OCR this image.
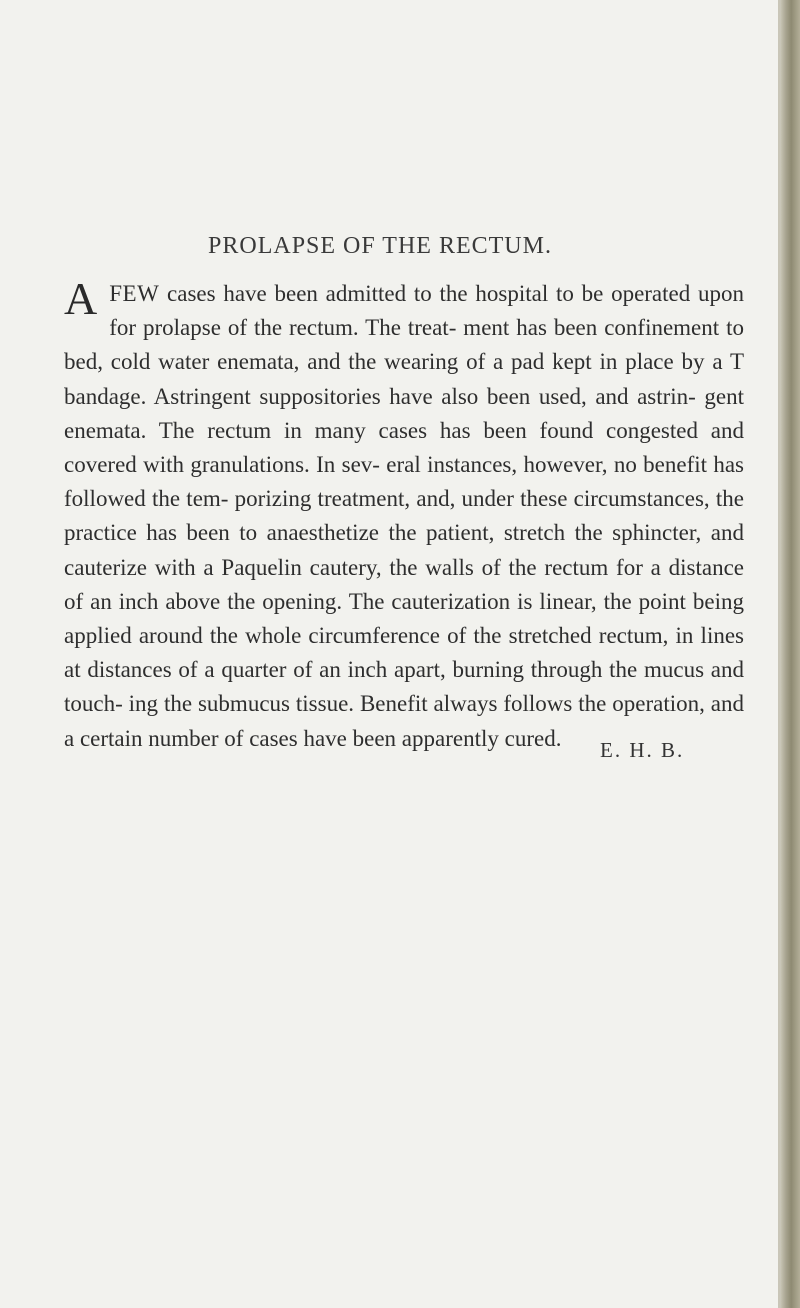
PROLAPSE OF THE RECTUM.

AFEW cases have been admitted to the hospital to be operated upon for prolapse of the rectum. The treat- ment has been confinement to bed, cold water enemata, and the wearing of a pad kept in place by a T bandage. Astringent suppositories have also been used, and astrin- gent enemata. The rectum in many cases has been found congested and covered with granulations. In sev- eral instances, however, no benefit has followed the tem- porizing treatment, and, under these circumstances, the practice has been to anaesthetize the patient, stretch the sphincter, and cauterize with a Paquelin cautery, the walls of the rectum for a distance of an inch above the opening. The cauterization is linear, the point being applied around the whole circumference of the stretched rectum, in lines at distances of a quarter of an inch apart, burning through the mucus and touch- ing the submucus tissue. Benefit always follows the operation, and a certain number of cases have been apparently cured.	E. H. B.
